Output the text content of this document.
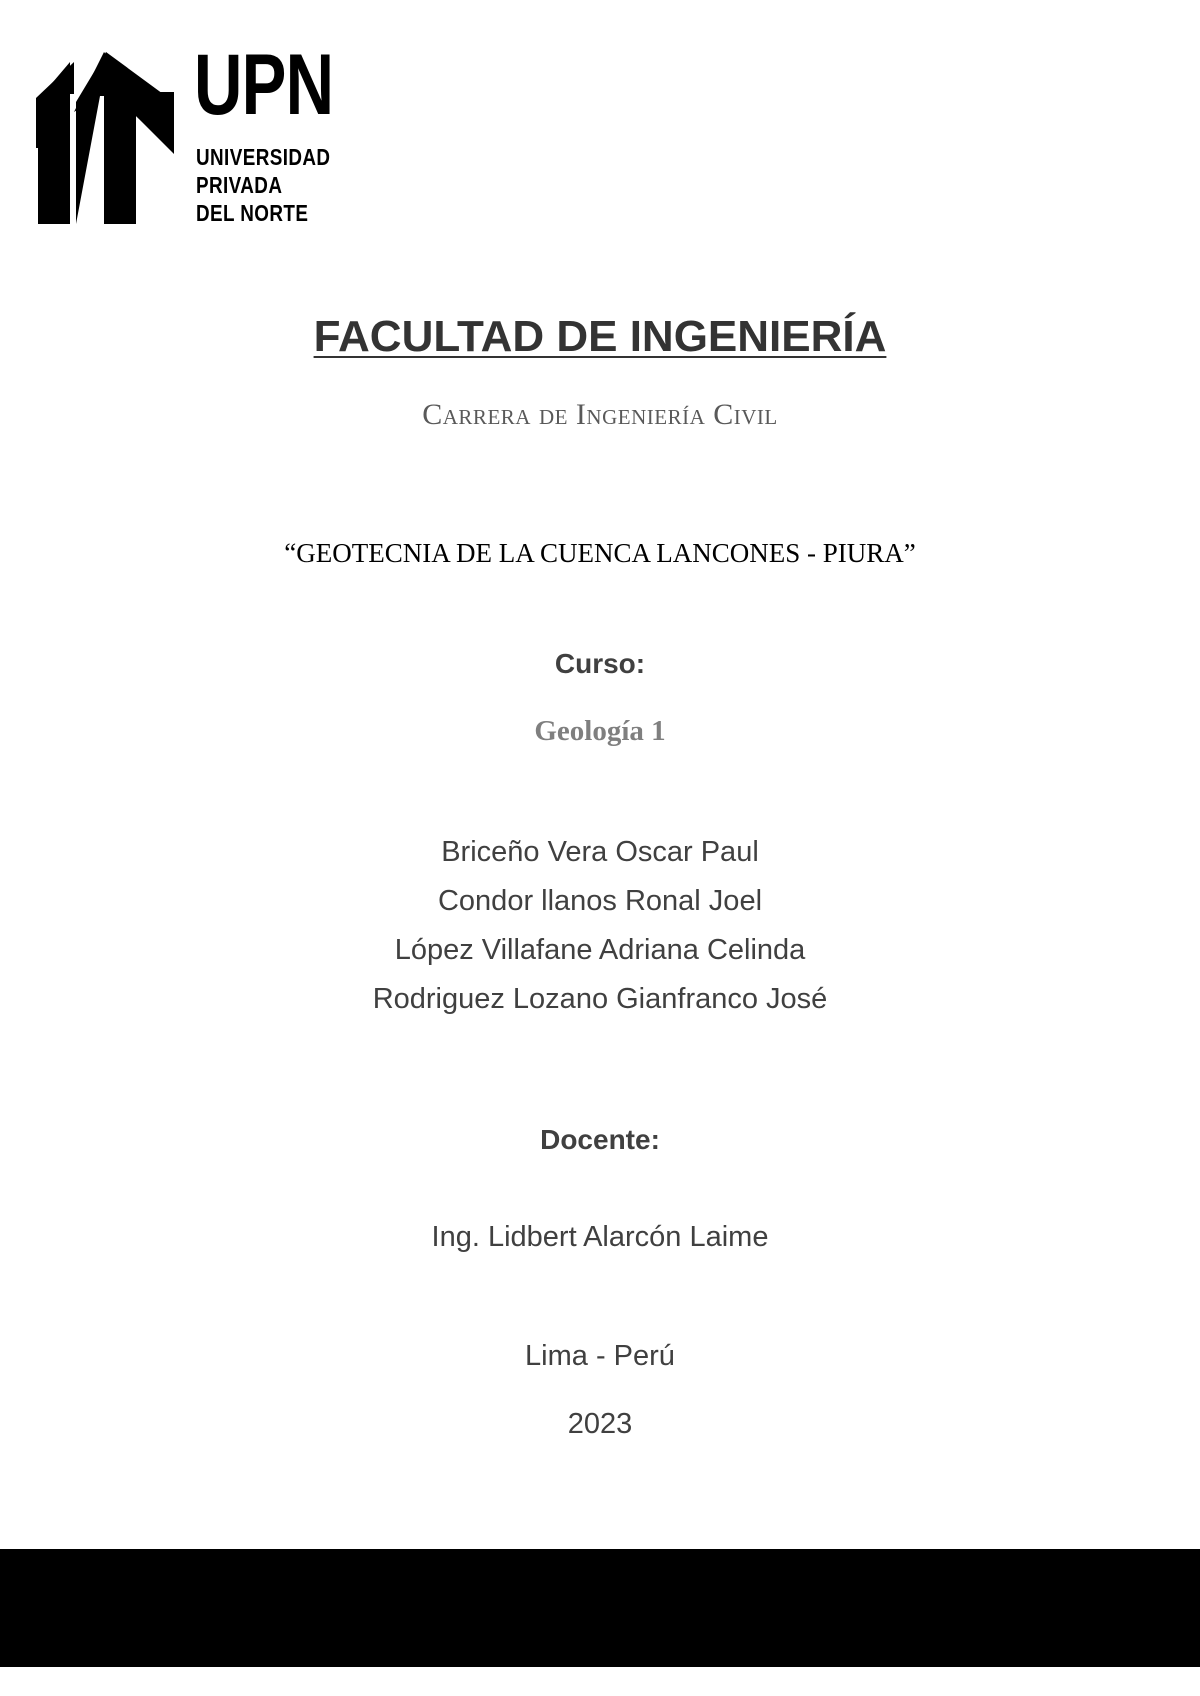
UPN
UNIVERSIDAD
PRIVADA
DEL NORTE
FACULTAD DE INGENIERÍA
Carrera de Ingeniería Civil
“GEOTECNIA DE LA CUENCA LANCONES - PIURA”
Curso:
Geología 1
Briceño Vera Oscar Paul
Condor llanos Ronal Joel
López Villafane Adriana Celinda
Rodriguez Lozano Gianfranco José
Docente:
Ing. Lidbert Alarcón Laime
Lima - Perú
2023
